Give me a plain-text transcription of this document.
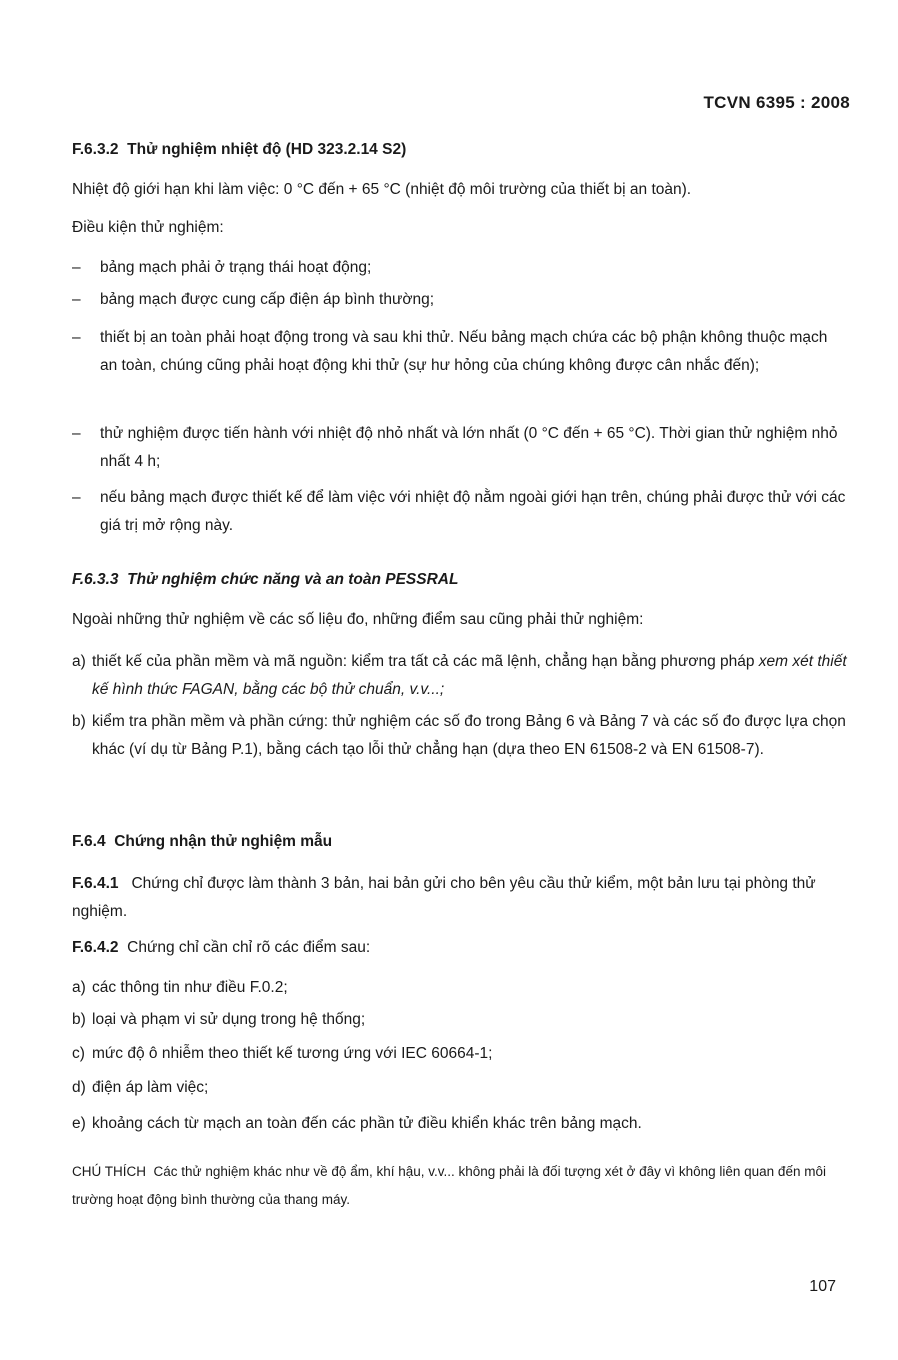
TCVN 6395 : 2008

F.6.3.2 Thử nghiệm nhiệt độ (HD 323.2.14 S2)

Nhiệt độ giới hạn khi làm việc: 0 °C đến + 65 °C (nhiệt độ môi trường của thiết bị an toàn).

Điều kiện thử nghiệm:

–	bảng mạch phải ở trạng thái hoạt động;
–	bảng mạch được cung cấp điện áp bình thường;
–	thiết bị an toàn phải hoạt động trong và sau khi thử. Nếu bảng mạch chứa các bộ phận không thuộc mạch an toàn, chúng cũng phải hoạt động khi thử (sự hư hỏng của chúng không được cân nhắc đến);
–	thử nghiệm được tiến hành với nhiệt độ nhỏ nhất và lớn nhất (0 °C đến + 65 °C). Thời gian thử nghiệm nhỏ nhất 4 h;
–	nếu bảng mạch được thiết kế để làm việc với nhiệt độ nằm ngoài giới hạn trên, chúng phải được thử với các giá trị mở rộng này.

F.6.3.3 Thử nghiệm chức năng và an toàn PESSRAL

Ngoài những thử nghiệm về các số liệu đo, những điểm sau cũng phải thử nghiệm:

a) thiết kế của phần mềm và mã nguồn: kiểm tra tất cả các mã lệnh, chẳng hạn bằng phương pháp xem xét thiết kế hình thức FAGAN, bằng các bộ thử chuẩn, v.v...;
b) kiểm tra phần mềm và phần cứng: thử nghiệm các số đo trong Bảng 6 và Bảng 7 và các số đo được lựa chọn khác (ví dụ từ Bảng P.1), bằng cách tạo lỗi thử chẳng hạn (dựa theo EN 61508-2 và EN 61508-7).

F.6.4 Chứng nhận thử nghiệm mẫu

F.6.4.1 Chứng chỉ được làm thành 3 bản, hai bản gửi cho bên yêu cầu thử kiểm, một bản lưu tại phòng thử nghiệm.

F.6.4.2 Chứng chỉ cần chỉ rõ các điểm sau:

a) các thông tin như điều F.0.2;
b) loại và phạm vi sử dụng trong hệ thống;
c) mức độ ô nhiễm theo thiết kế tương ứng với IEC 60664-1;
d) điện áp làm việc;
e) khoảng cách từ mạch an toàn đến các phần tử điều khiển khác trên bảng mạch.

CHÚ THÍCH Các thử nghiệm khác như về độ ẩm, khí hậu, v.v... không phải là đối tượng xét ở đây vì không liên quan đến môi trường hoạt động bình thường của thang máy.

107
